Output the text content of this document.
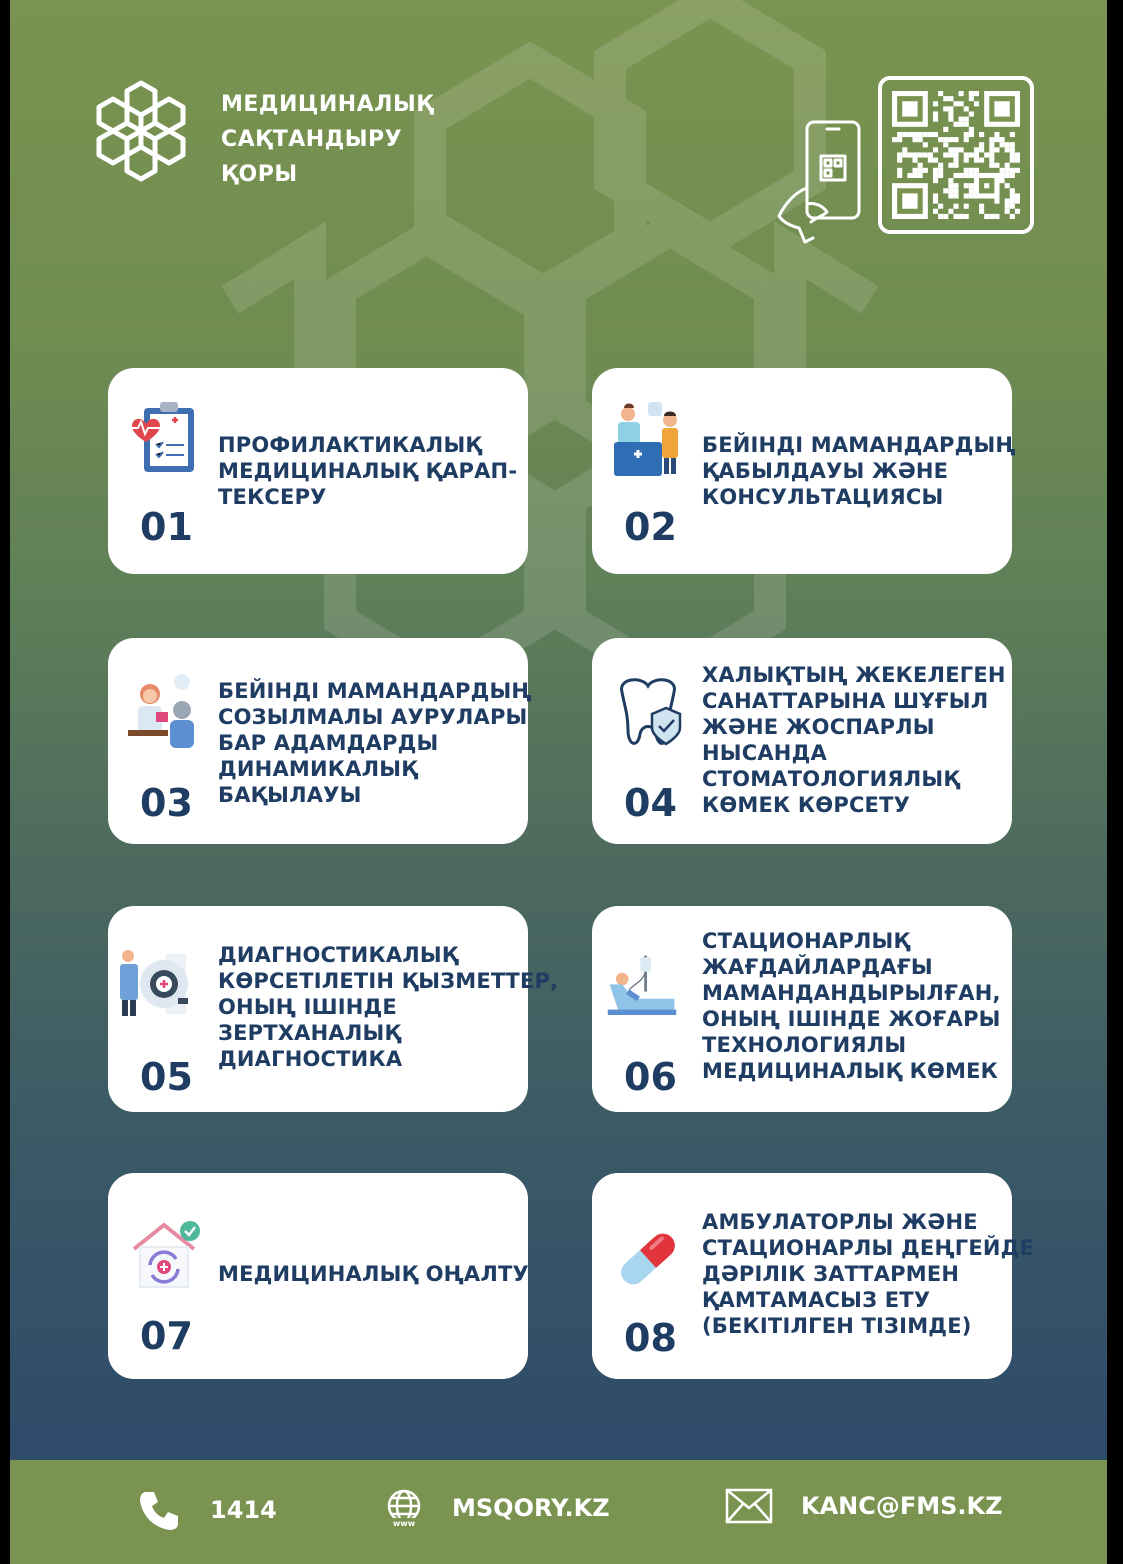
МЕДИЦИНАЛЫҚ
САҚТАНДЫРУ
ҚОРЫ
01
ПРОФИЛАКТИКАЛЫҚ
МЕДИЦИНАЛЫҚ ҚАРАП-
ТЕКСЕРУ
02
БЕЙІНДІ МАМАНДАРДЫҢ
ҚАБЫЛДАУЫ ЖӘНЕ
КОНСУЛЬТАЦИЯСЫ
03
БЕЙІНДІ МАМАНДАРДЫҢ
СОЗЫЛМАЛЫ АУРУЛАРЫ
БАР АДАМДАРДЫ
ДИНАМИКАЛЫҚ
БАҚЫЛАУЫ	04
ХАЛЫҚТЫҢ ЖЕКЕЛЕГЕН
САНАТТАРЫНА ШҰҒЫЛ
ЖӘНЕ ЖОСПАРЛЫ
НЫСАНДА
СТОМАТОЛОГИЯЛЫҚ
КӨМЕК КӨРСЕТУ
05
ДИАГНОСТИКАЛЫҚ
КӨРСЕТІЛЕТІН ҚЫЗМЕТТЕР,
ОНЫҢ ІШІНДЕ
ЗЕРТХАНАЛЫҚ
ДИАГНОСТИКА	06
СТАЦИОНАРЛЫҚ
ЖАҒДАЙЛАРДАҒЫ
МАМАНДАНДЫРЫЛҒАН,
ОНЫҢ ІШІНДЕ ЖОҒАРЫ
ТЕХНОЛОГИЯЛЫ
МЕДИЦИНАЛЫҚ КӨМЕК
07
МЕДИЦИНАЛЫҚ ОҢАЛТУ
08
АМБУЛАТОРЛЫ ЖӘНЕ
СТАЦИОНАРЛЫ ДЕҢГЕЙДЕ
ДӘРІЛІК ЗАТТАРМЕН
ҚАМТАМАСЫЗ ЕТУ
(БЕКІТІЛГЕН ТІЗІМДЕ)
1414	www
MSQORY.KZ	KANC@FMS.KZ
